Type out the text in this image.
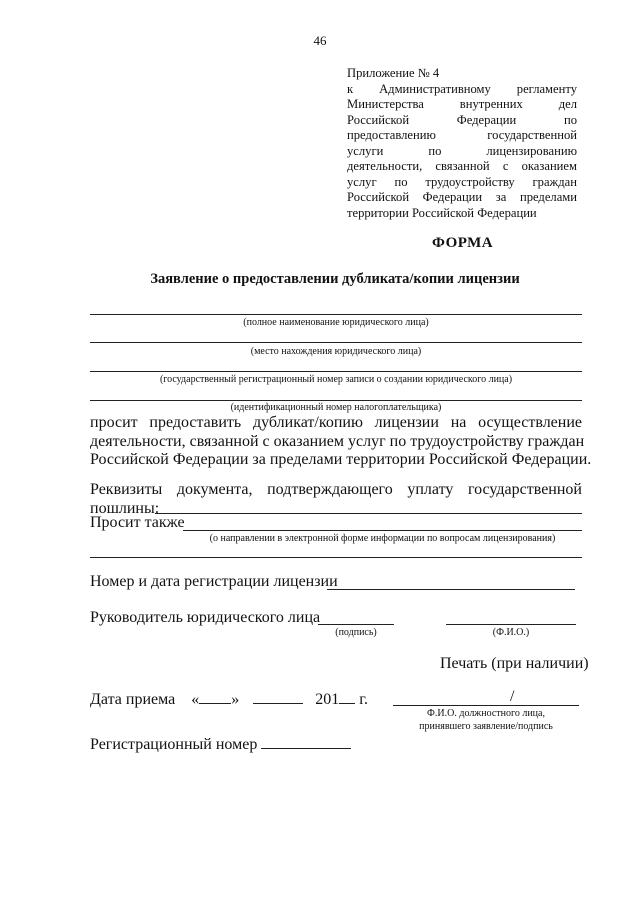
46
Приложение № 4
к Административному регламенту
Министерства внутренних дел
Российской Федерации по
предоставлению государственной
услуги по лицензированию
деятельности, связанной с оказанием
услуг по трудоустройству граждан
Российской Федерации за пределами
территории Российской Федерации
ФОРМА
Заявление о предоставлении дубликата/копии лицензии
(полное наименование юридического лица)
(место нахождения юридического лица)
(государственный регистрационный номер записи о создании юридического лица)
(идентификационный номер налогоплательщика)
просит предоставить дубликат/копию лицензии на осуществление
деятельности, связанной с оказанием услуг по трудоустройству граждан
Российской Федерации за пределами территории Российской Федерации.
Реквизиты документа, подтверждающего уплату государственной
пошлины:
Просит также
(о направлении в электронной форме информации по вопросам лицензирования)
Номер и дата регистрации лицензии
Руководитель юридического лица
(подпись)	(Ф.И.О.)
Печать (при наличии)
Дата приема « »	201 г.	/
Ф.И.О. должностного лица,
принявшего заявление/подпись
Регистрационный номер
